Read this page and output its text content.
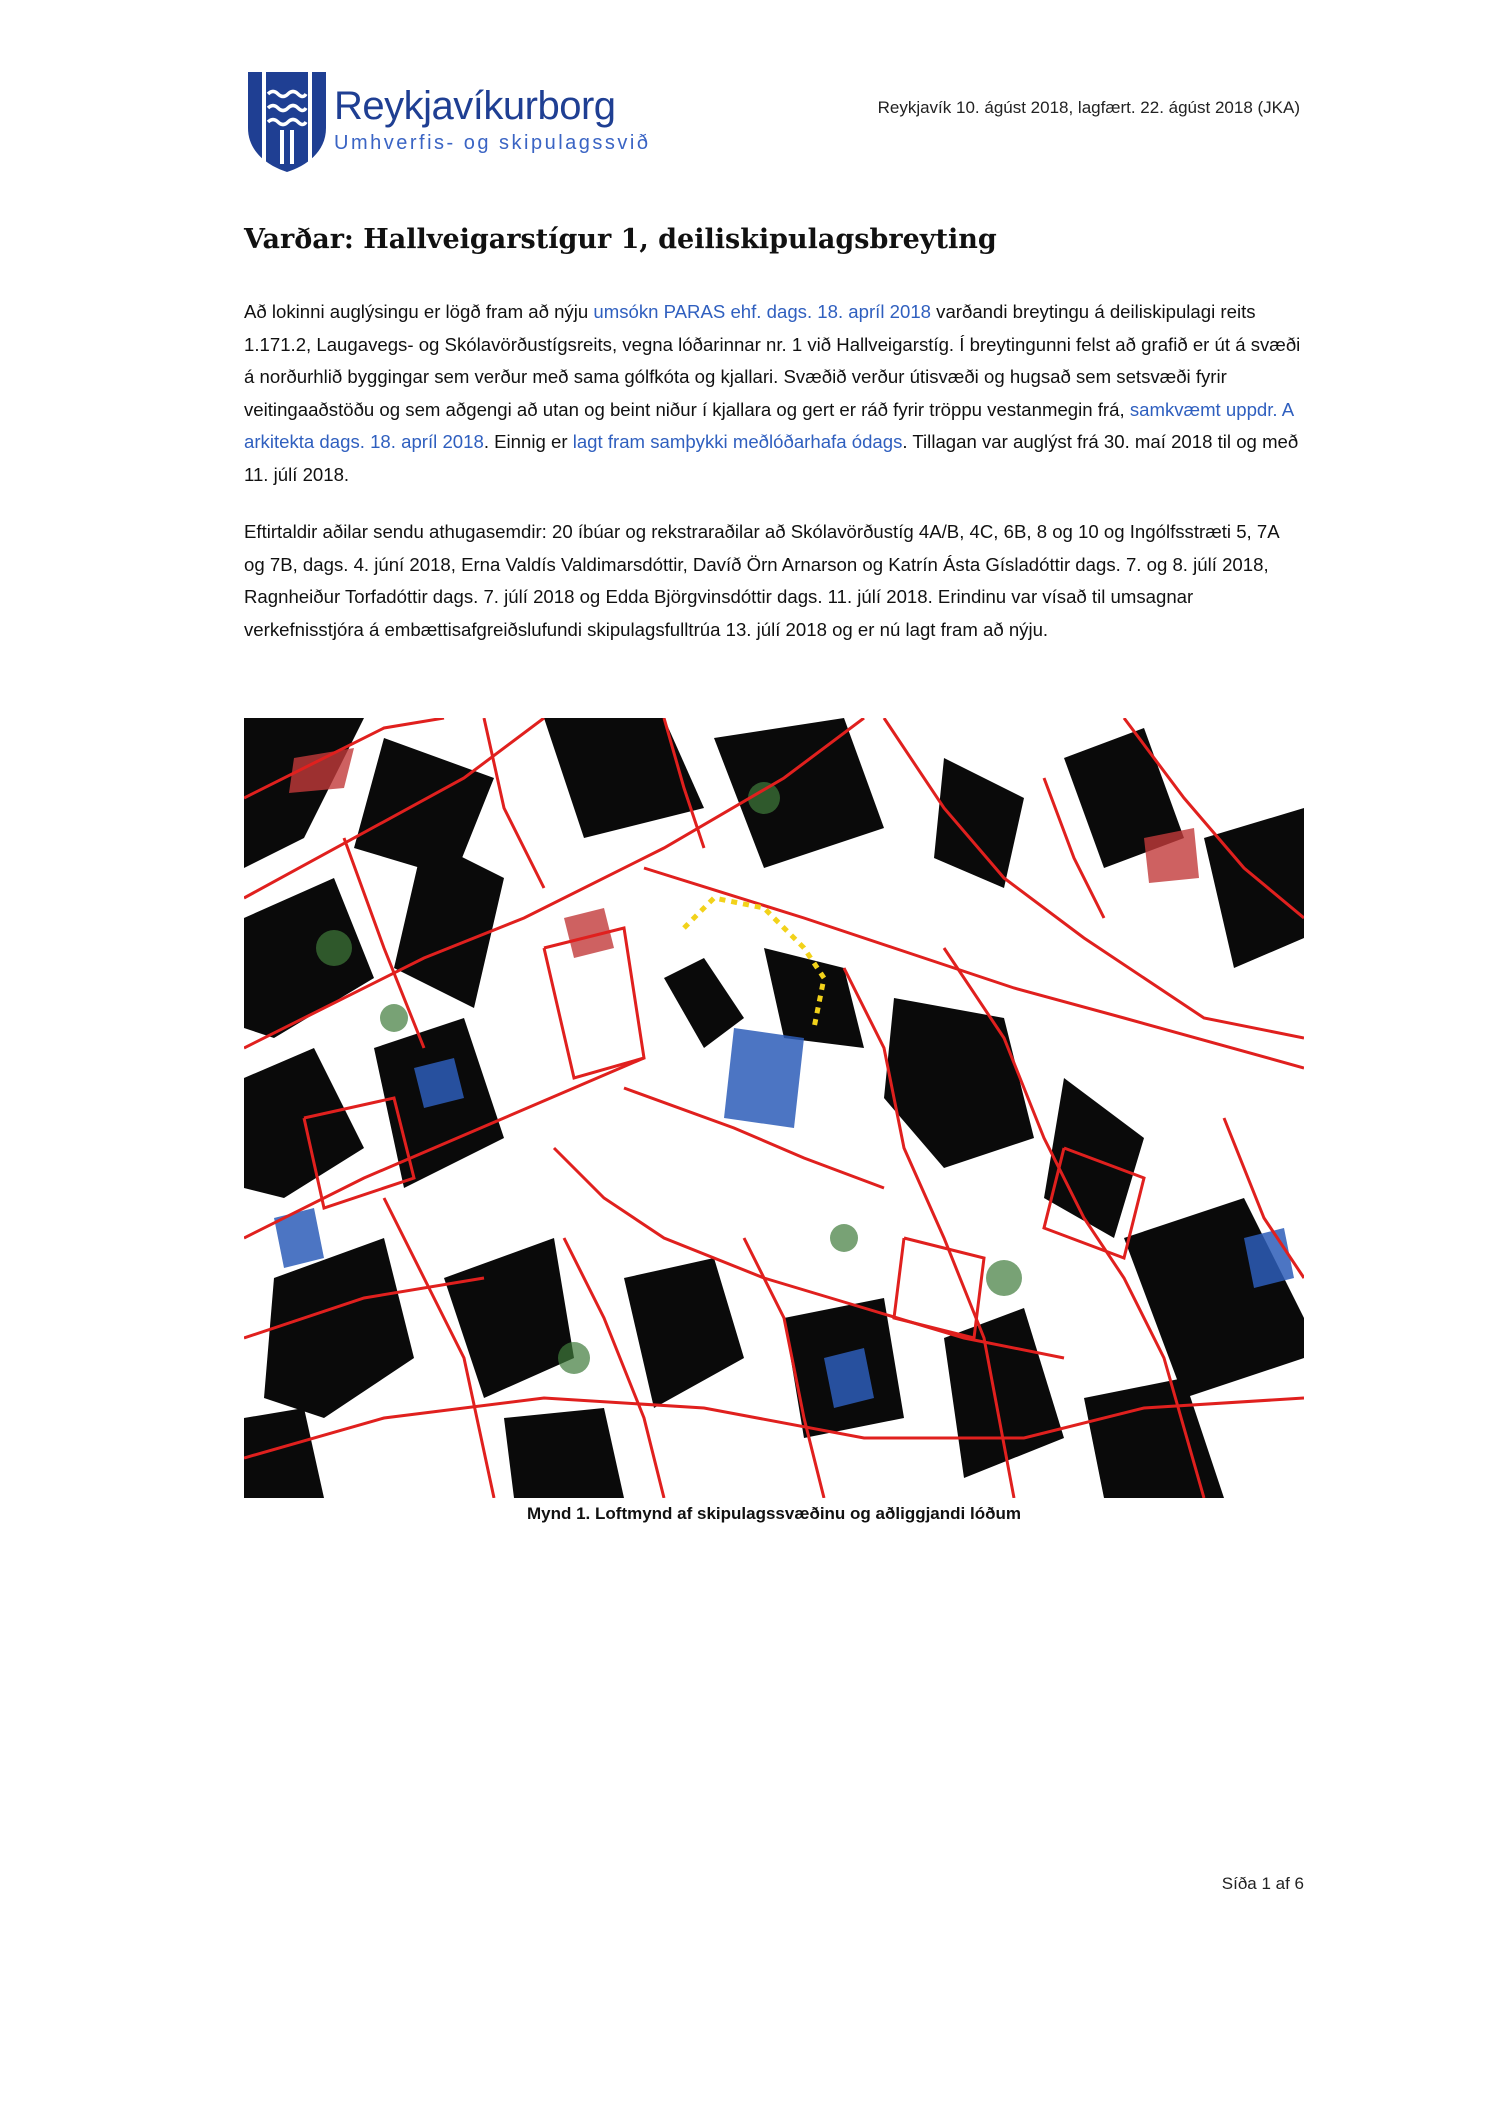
Reykjavíkurborg
Umhverfis- og skipulagssvið
Reykjavík 10. ágúst 2018, lagfært. 22. ágúst 2018 (JKA)
Varðar: Hallveigarstígur 1, deiliskipulagsbreyting

Að lokinni auglýsingu er lögð fram að nýju umsókn PARAS ehf. dags. 18. apríl 2018 varðandi breytingu á deiliskipulagi reits 1.171.2, Laugavegs- og Skólavörðustígsreits, vegna lóðarinnar nr. 1 við Hallveigarstíg. Í breytingunni felst að grafið er út á svæði á norðurhlið byggingar sem verður með sama gólfkóta og kjallari. Svæðið verður útisvæði og hugsað sem setsvæði fyrir veitingaaðstöðu og sem aðgengi að utan og beint niður í kjallara og gert er ráð fyrir tröppu vestanmegin frá, samkvæmt uppdr. A arkitekta dags. 18. apríl 2018. Einnig er lagt fram samþykki meðlóðarhafa ódags. Tillagan var auglýst frá 30. maí 2018 til og með 11. júlí 2018.

Eftirtaldir aðilar sendu athugasemdir: 20 íbúar og rekstraraðilar að Skólavörðustíg 4A/B, 4C, 6B, 8 og 10 og Ingólfsstræti 5, 7A og 7B, dags. 4. júní 2018, Erna Valdís Valdimarsdóttir, Davíð Örn Arnarson og Katrín Ásta Gísladóttir dags. 7. og 8. júlí 2018, Ragnheiður Torfadóttir dags. 7. júlí 2018 og Edda Björgvinsdóttir dags. 11. júlí 2018. Erindinu var vísað til umsagnar verkefnisstjóra á embættisafgreiðslufundi skipulagsfulltrúa 13. júlí 2018 og er nú lagt fram að nýju.

Mynd 1. Loftmynd af skipulagssvæðinu og aðliggjandi lóðum
Síða 1 af 6
